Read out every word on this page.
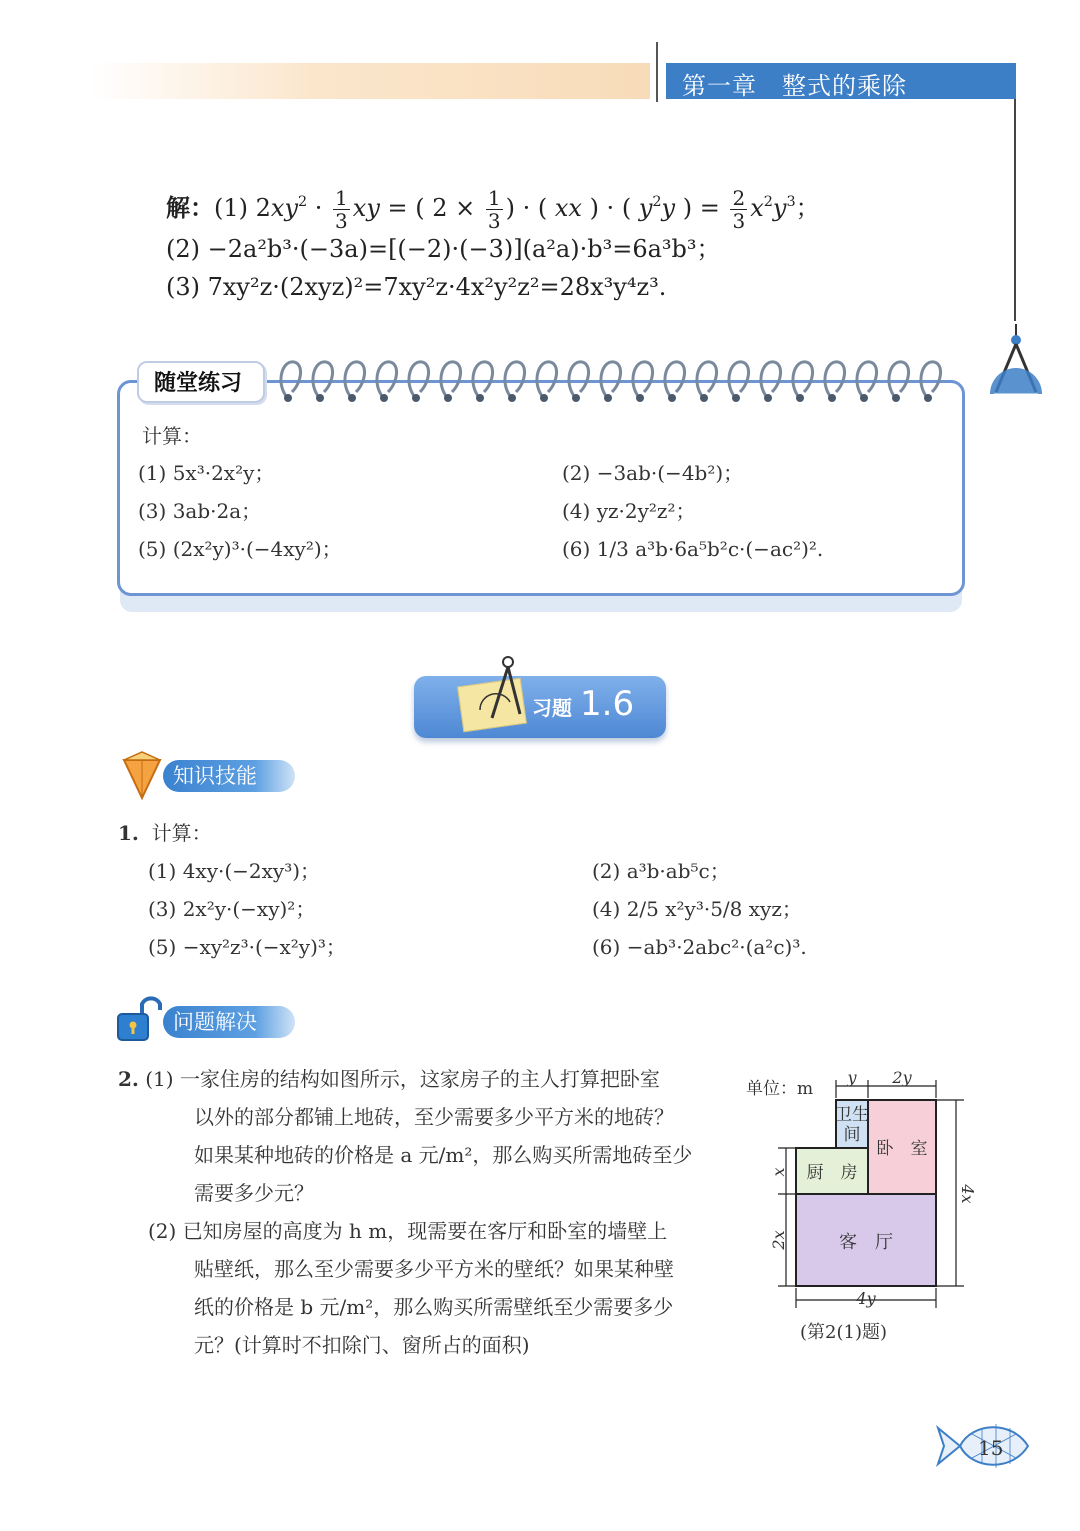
第一章　整式的乘除
解：(1) $2xy^2 \cdot \frac{1}{3}$ xy = ( $2 \times \frac{1}{3}$ ) · ( xx ) · ( $y^2y$ ) = $\frac{2}{3} x^2y^3$；
(2) −2a²b³·(−3a)=[(−2)·(−3)](a²a)·b³=6a³b³；
(3) 7xy²z·(2xyz)²=7xy²z·4x²y²z²=28x³y⁴z³.
随堂练习
计算：
(1) 5x³·2x²y；	(2) −3ab·(−4b²)；
(3) 3ab·2a；	(4) yz·2y²z²；
(5) (2x²y)³·(−4xy²)；	(6) 1/3 a³b·6a⁵b²c·(−ac²)².
习题 1.6
知识技能
1. 计算：
(1) 4xy·(−2xy³)；	(2) a³b·ab⁵c；
(3) 2x²y·(−xy)²；	(4) 2/5 x²y³·5/8 xyz；
(5) −xy²z³·(−x²y)³；	(6) −ab³·2abc²·(a²c)³.
问题解决
2. (1) 一家住房的结构如图所示，这家房子的主人打算把卧室
以外的部分都铺上地砖，至少需要多少平方米的地砖？
如果某种地砖的价格是 a 元/m²，那么购买所需地砖至少
需要多少元？
(2) 已知房屋的高度为 h m，现需要在客厅和卧室的墙壁上
贴壁纸，那么至少需要多少平方米的壁纸？如果某种壁
纸的价格是 b 元/m²，那么购买所需壁纸至少需要多少
元？(计算时不扣除门、窗所占的面积)
卫生
间
卧　室
厨　房
客　厅
单位：m
y 2y
x
2x
4x
4y
(第2(1)题)
15
